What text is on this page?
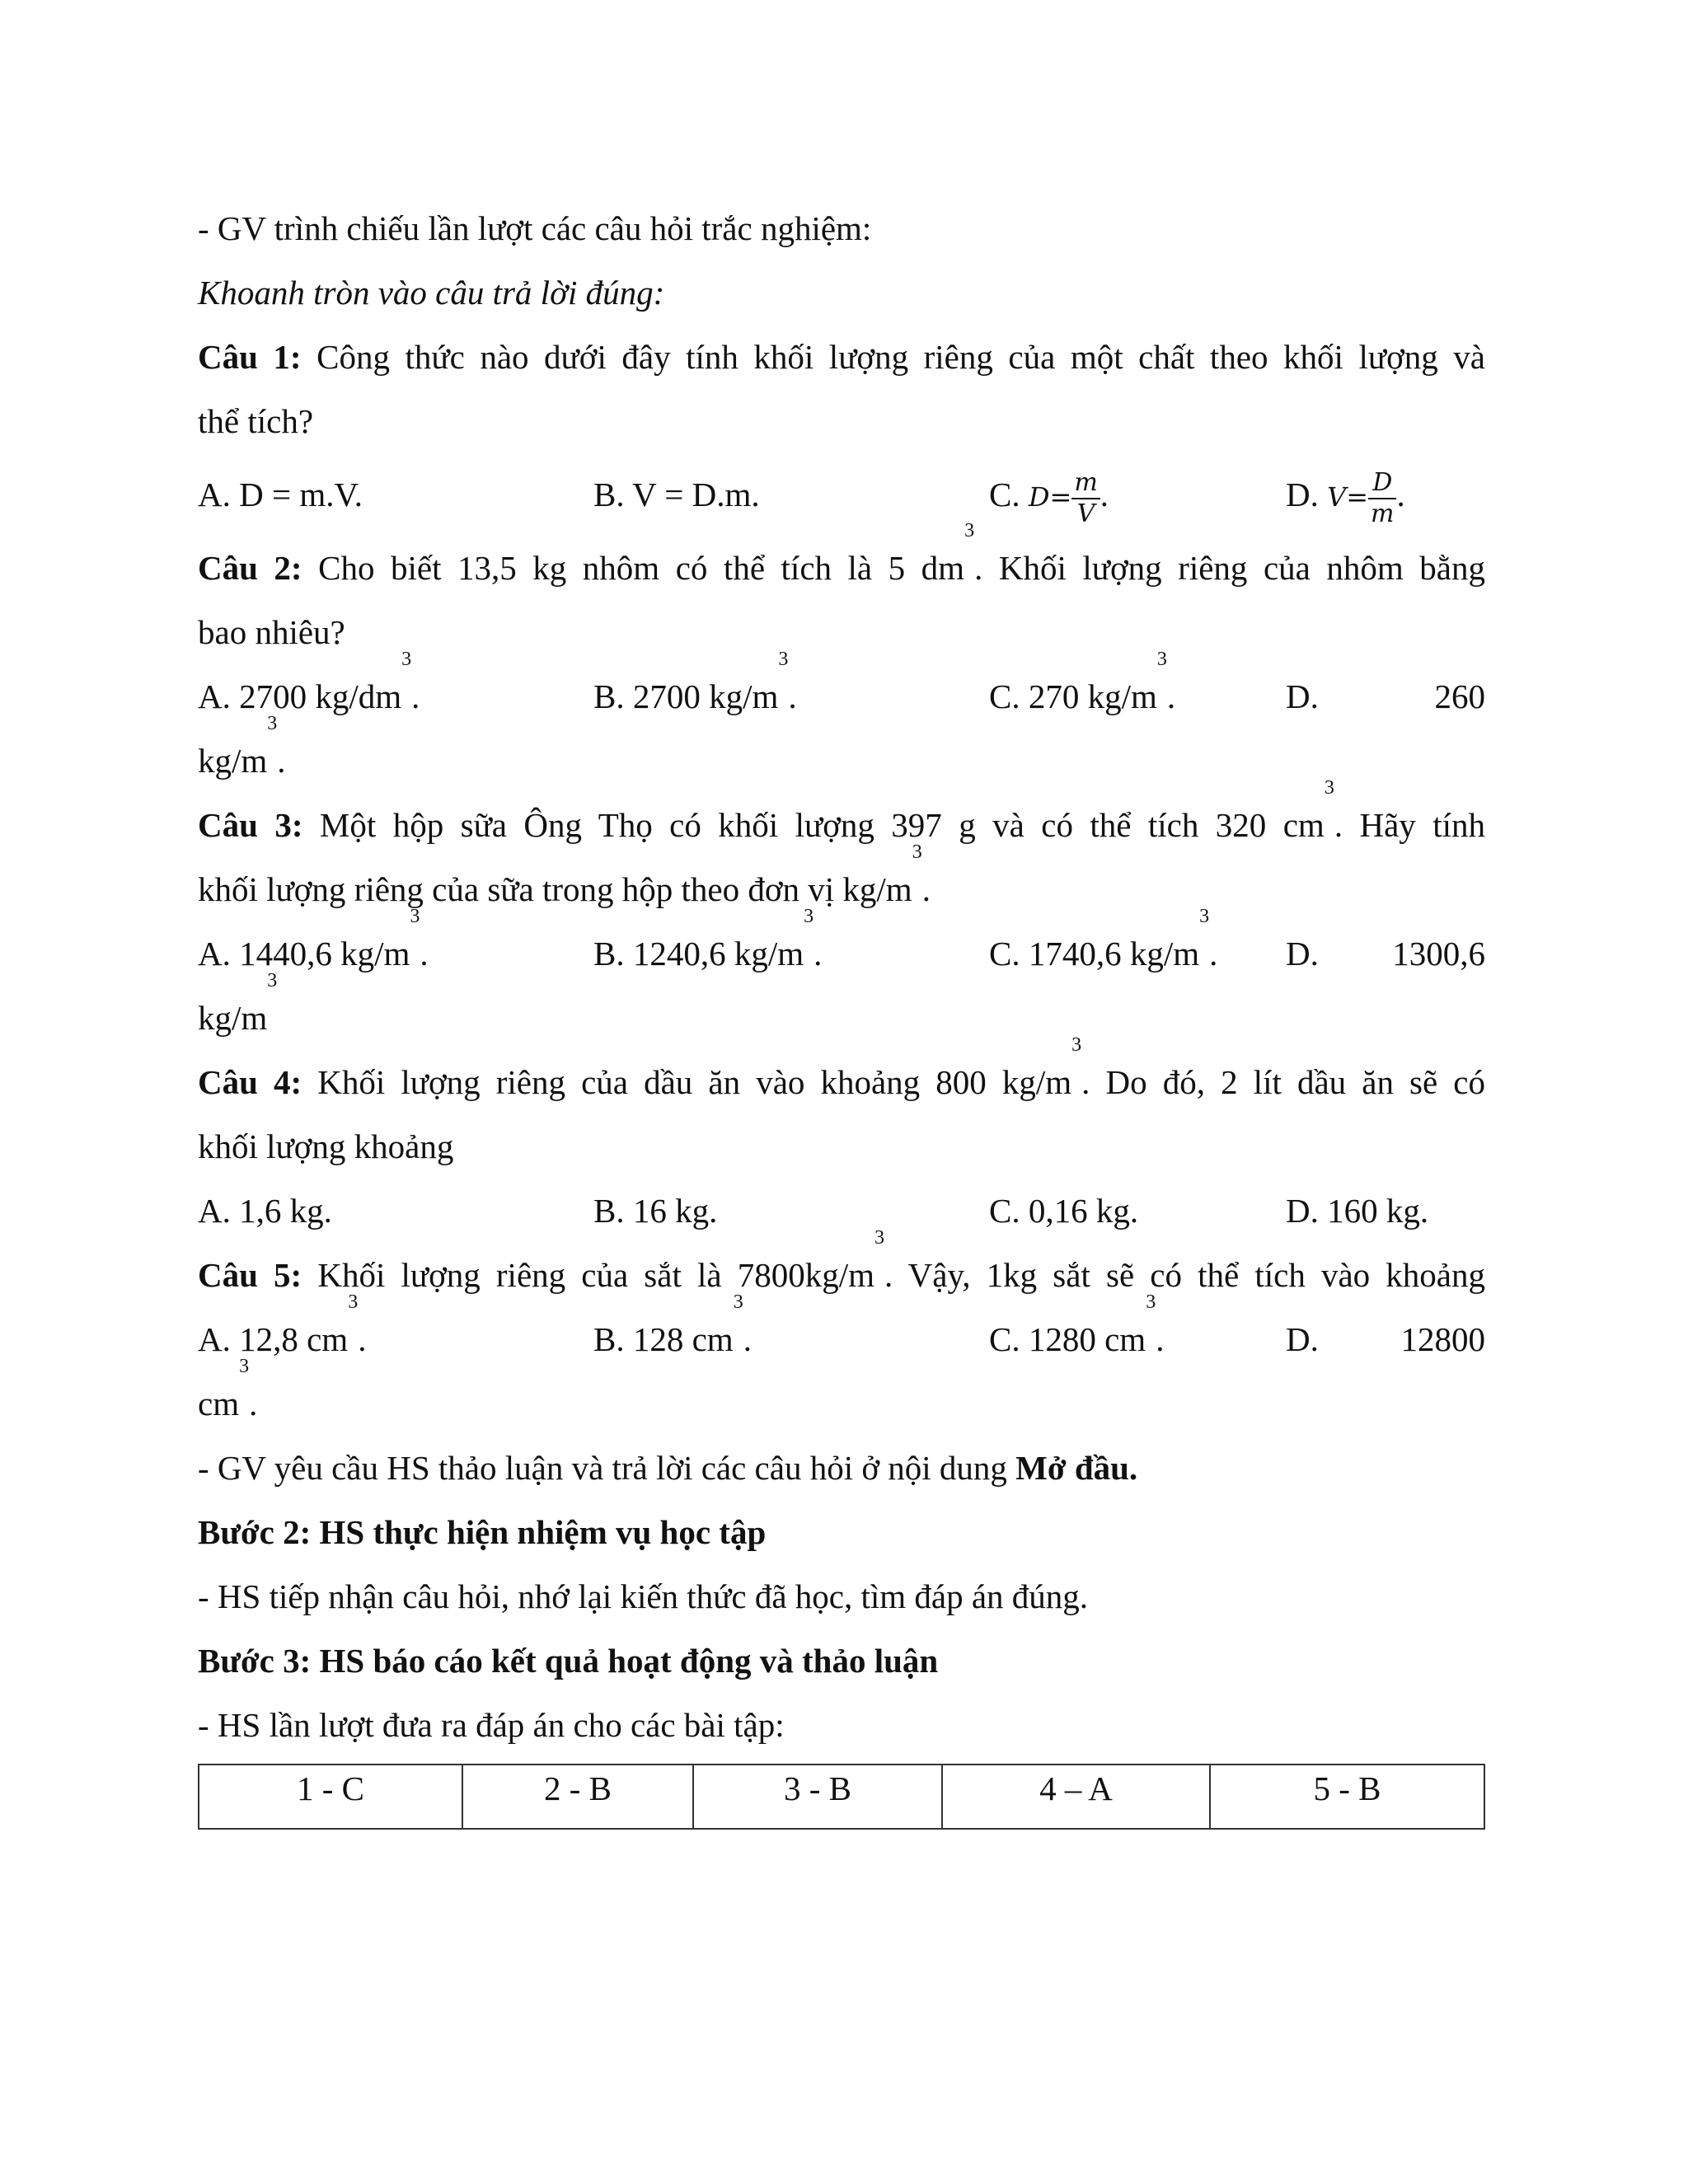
- GV trình chiếu lần lượt các câu hỏi trắc nghiệm:
Khoanh tròn vào câu trả lời đúng:
Câu 1: Công thức nào dưới đây tính khối lượng riêng của một chất theo khối lượng và
thể tích?
A. D = m.V.	B. V = D.m.	C. $D= \frac{m}{V}$ .	D. $V= \frac{D}{m}$ .
Câu 2: Cho biết 13,5 kg nhôm có thể tích là 5 $dm^3$. Khối lượng riêng của nhôm bằng
bao nhiêu?
A. 2700 $kg/dm^3$.	B. 2700 $kg/m^3$.	C. 270 $kg/m^3$.	D.	260
$kg/m^3$.
Câu 3: Một hộp sữa Ông Thọ có khối lượng 397 g và có thể tích 320 $cm^3$. Hãy tính
khối lượng riêng của sữa trong hộp theo đơn vị $kg/m^3$.
A. 1440,6 $kg/m^3$.	B. 1240,6 $kg/m^3$.	C. 1740,6 $kg/m^3$. D. 1300,6
$kg/m^3$
Câu 4: Khối lượng riêng của dầu ăn vào khoảng 800 $kg/m^3$. Do đó, 2 lít dầu ăn sẽ có
khối lượng khoảng
A. 1,6 kg.	B. 16 kg.	C. 0,16 kg.	D. 160 kg.
Câu 5: Khối lượng riêng của sắt là $7800kg/m^3$. Vậy, 1kg sắt sẽ có thể tích vào khoảng
A. 12,8 $cm^3$.	B. 128 $cm^3$.	C. 1280 $cm^3$.	D. 12800
$cm^3$.
- GV yêu cầu HS thảo luận và trả lời các câu hỏi ở nội dung Mở đầu.
Bước 2: HS thực hiện nhiệm vụ học tập
- HS tiếp nhận câu hỏi, nhớ lại kiến thức đã học, tìm đáp án đúng.
Bước 3: HS báo cáo kết quả hoạt động và thảo luận
- HS lần lượt đưa ra đáp án cho các bài tập:
1 - C	2 - B	3 - B	4 – A	5 - B
